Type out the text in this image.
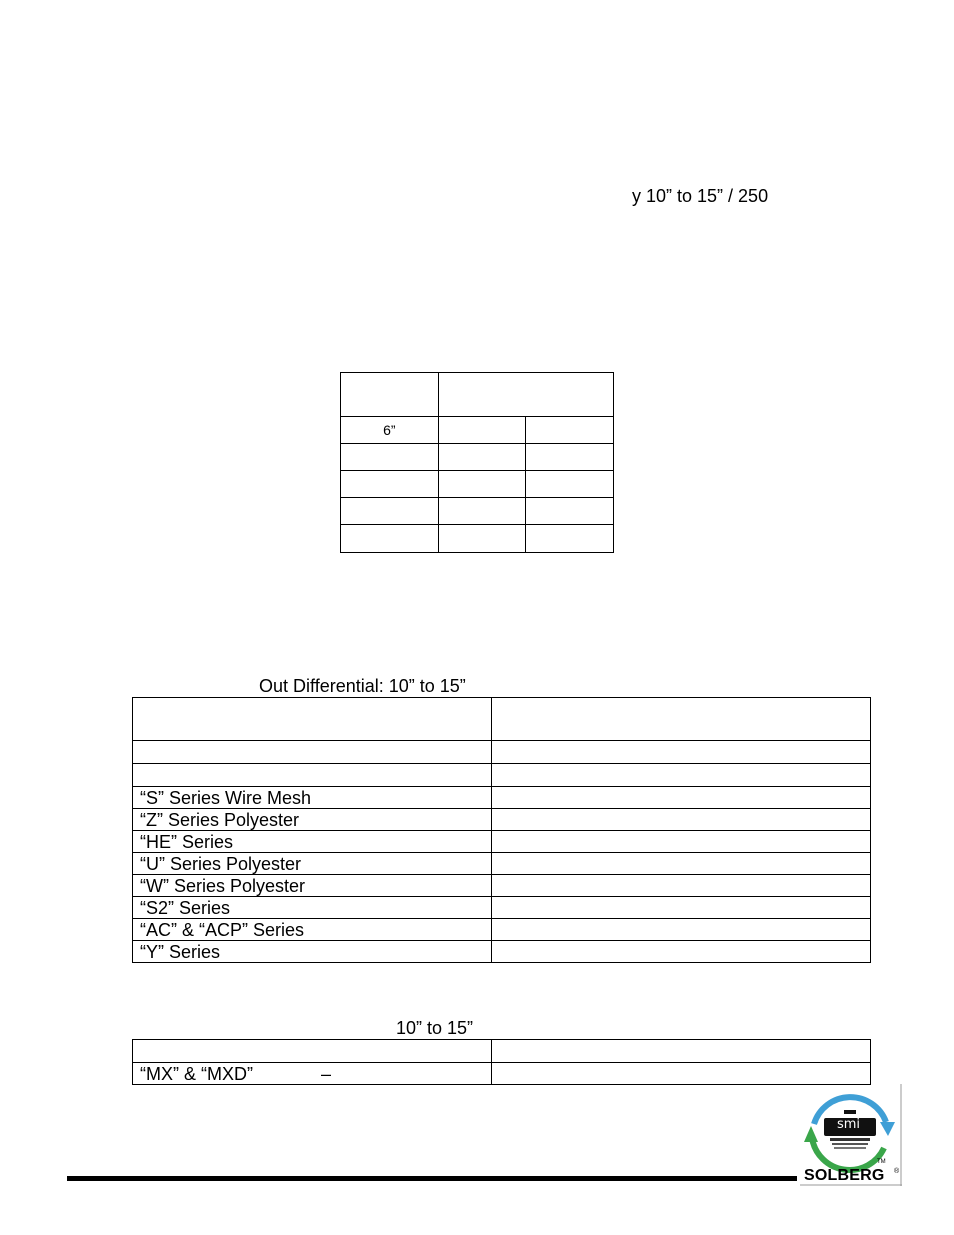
y 10” to 15” / 250

6”		

Out Differential: 10” to 15”

“S” Series Wire Mesh	
“Z” Series Polyester	
“HE” Series	
“U” Series Polyester	
“W” Series Polyester	
“S2” Series	
“AC” & “ACP” Series	
“Y” Series	
10” to 15”

“MX” & “MXD” –	

smi
TM
SOLBERG ®
